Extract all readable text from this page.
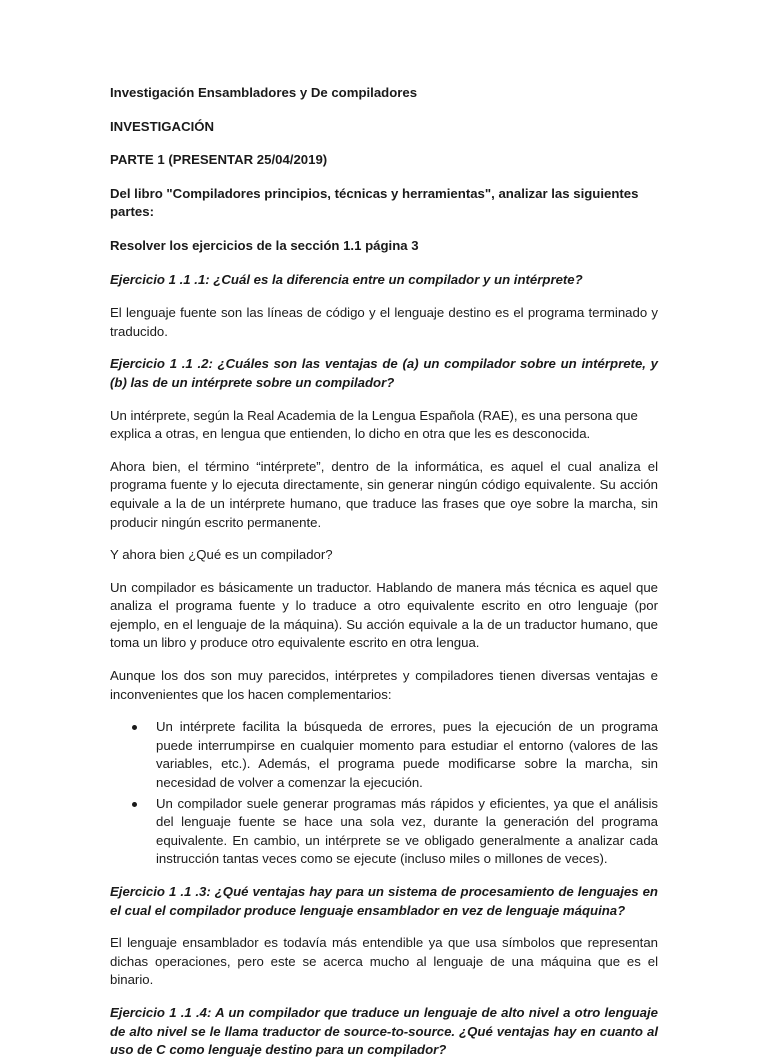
Investigación Ensambladores y De compiladores

INVESTIGACIÓN

PARTE 1 (PRESENTAR 25/04/2019)

Del libro "Compiladores principios, técnicas y herramientas", analizar las siguientes partes:

Resolver los ejercicios de la sección 1.1 página 3

Ejercicio 1 .1 .1: ¿Cuál es la diferencia entre un compilador y un intérprete?

El lenguaje fuente son las líneas de código y el lenguaje destino es el programa terminado y traducido.

Ejercicio 1 .1 .2: ¿Cuáles son las ventajas de (a) un compilador sobre un intérprete, y (b) las de un intérprete sobre un compilador?

Un intérprete, según la Real Academia de la Lengua Española (RAE), es una persona que explica a otras, en lengua que entienden, lo dicho en otra que les es desconocida.

Ahora bien, el término “intérprete”, dentro de la informática, es aquel el cual analiza el programa fuente y lo ejecuta directamente, sin generar ningún código equivalente. Su acción equivale a la de un intérprete humano, que traduce las frases que oye sobre la marcha, sin producir ningún escrito permanente.

Y ahora bien ¿Qué es un compilador?

Un compilador es básicamente un traductor. Hablando de manera más técnica es aquel que analiza el programa fuente y lo traduce a otro equivalente escrito en otro lenguaje (por ejemplo, en el lenguaje de la máquina). Su acción equivale a la de un traductor humano, que toma un libro y produce otro equivalente escrito en otra lengua.

Aunque los dos son muy parecidos, intérpretes y compiladores tienen diversas ventajas e inconvenientes que los hacen complementarios:

Un intérprete facilita la búsqueda de errores, pues la ejecución de un programa puede interrumpirse en cualquier momento para estudiar el entorno (valores de las variables, etc.). Además, el programa puede modificarse sobre la marcha, sin necesidad de volver a comenzar la ejecución.
Un compilador suele generar programas más rápidos y eficientes, ya que el análisis del lenguaje fuente se hace una sola vez, durante la generación del programa equivalente. En cambio, un intérprete se ve obligado generalmente a analizar cada instrucción tantas veces como se ejecute (incluso miles o millones de veces).

Ejercicio 1 .1 .3: ¿Qué ventajas hay para un sistema de procesamiento de lenguajes en el cual el compilador produce lenguaje ensamblador en vez de lenguaje máquina?

El lenguaje ensamblador es todavía más entendible ya que usa símbolos que representan dichas operaciones, pero este se acerca mucho al lenguaje de una máquina que es el binario.

Ejercicio 1 .1 .4: A un compilador que traduce un lenguaje de alto nivel a otro lenguaje de alto nivel se le llama traductor de source-to-source. ¿Qué ventajas hay en cuanto al uso de C como lenguaje destino para un compilador?
